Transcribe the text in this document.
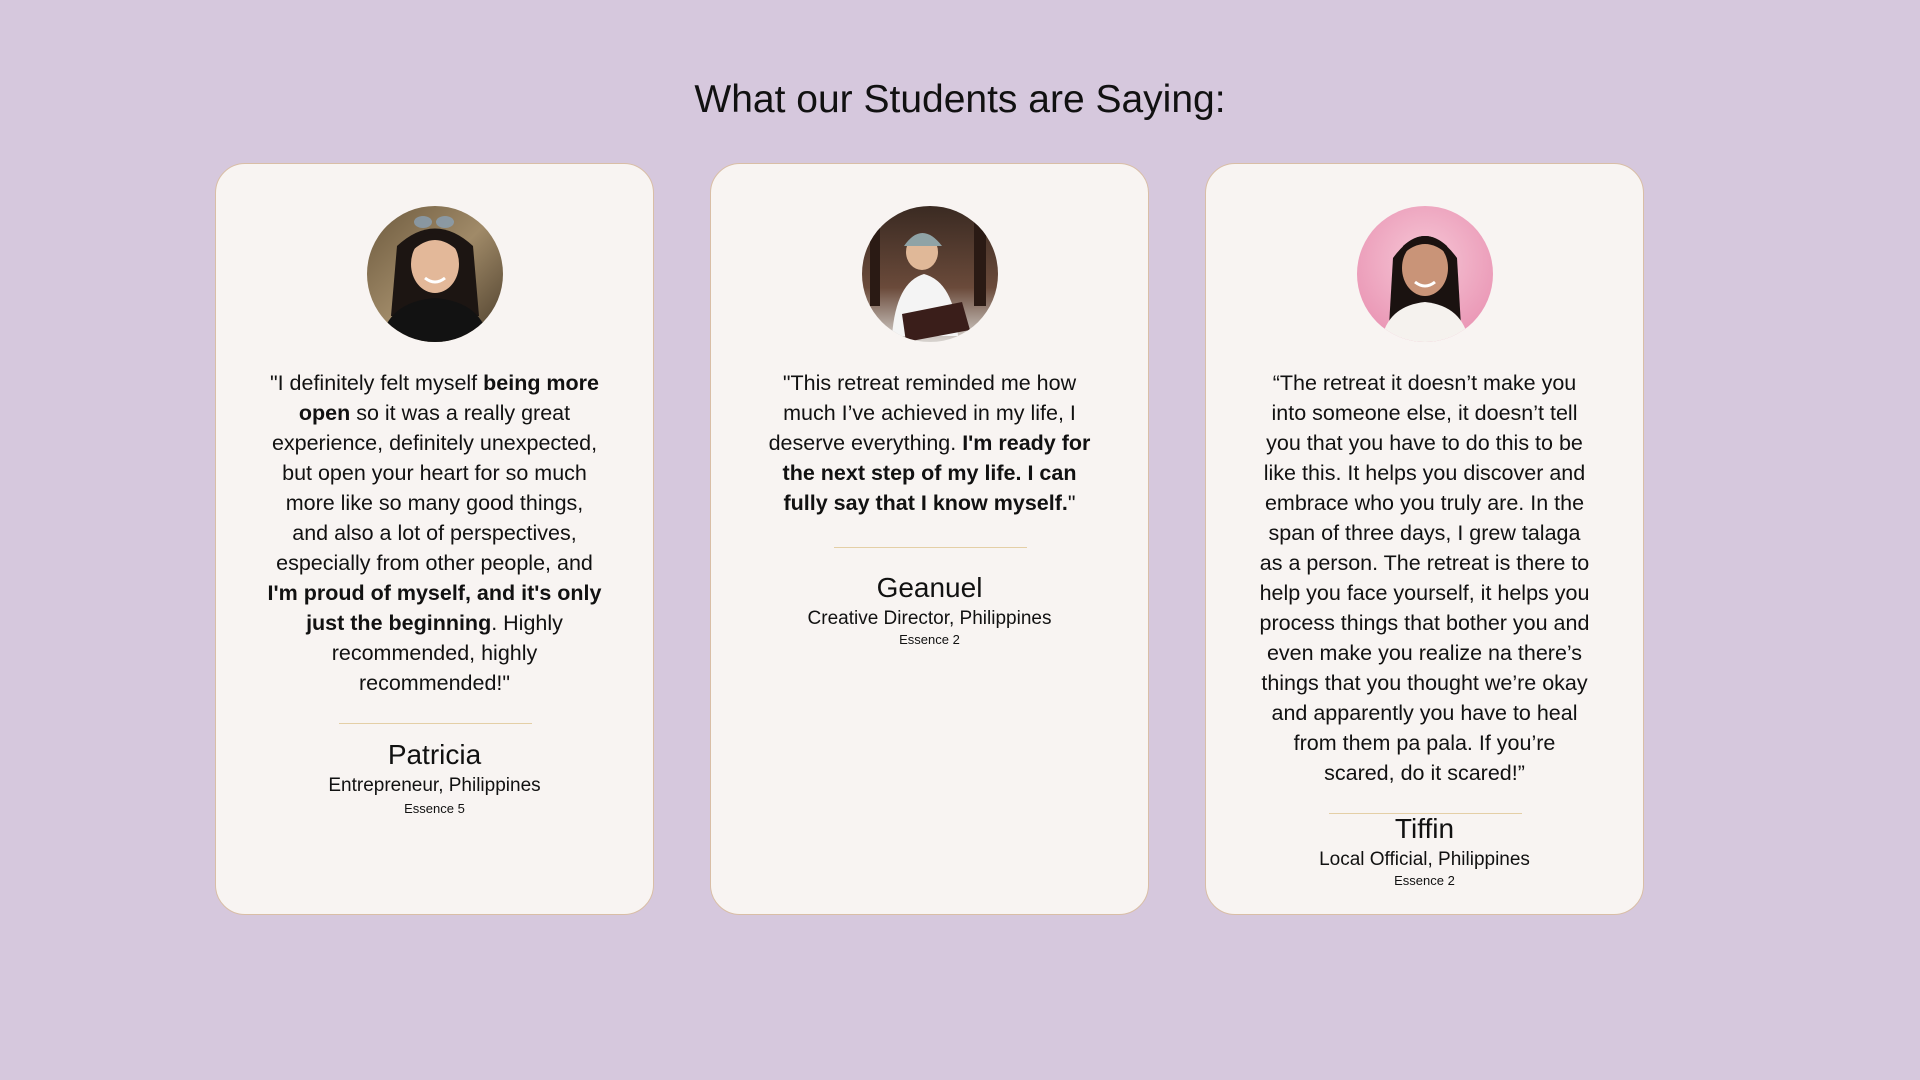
What our Students are Saying:
"I definitely felt myself being more open so it was a really great experience, definitely unexpected, but open your heart for so much more like so many good things, and also a lot of perspectives, especially from other people, and I'm proud of myself, and it's only just the beginning. Highly recommended, highly recommended!"
Patricia
Entrepreneur, Philippines
Essence 5
"This retreat reminded me how much I’ve achieved in my life, I deserve everything. I'm ready for the next step of my life. I can fully say that I know myself."
Geanuel
Creative Director, Philippines
Essence 2
“The retreat it doesn’t make you into someone else, it doesn’t tell you that you have to do this to be like this. It helps you discover and embrace who you truly are. In the span of three days, I grew talaga as a person. The retreat is there to help you face yourself, it helps you process things that bother you and even make you realize na there’s things that you thought we’re okay and apparently you have to heal from them pa pala. If you’re scared, do it scared!”
Tiffin
Local Official, Philippines
Essence 2
